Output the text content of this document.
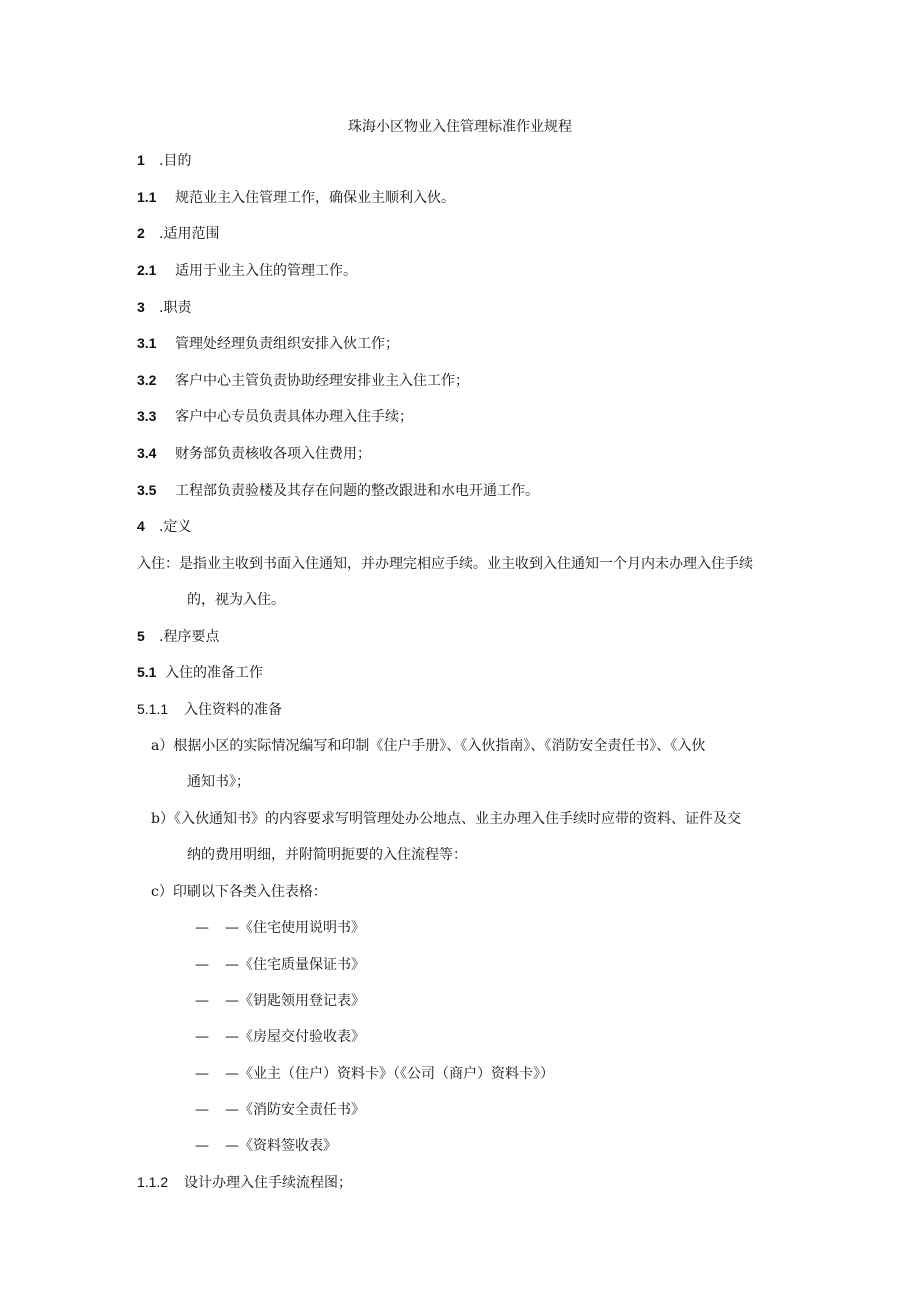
珠海小区物业入住管理标准作业规程
1 .目的
1.1 规范业主入住管理工作，确保业主顺利入伙。
2 .适用范围
2.1 适用于业主入住的管理工作。
3 .职责
3.1 管理处经理负责组织安排入伙工作；
3.2 客户中心主管负责协助经理安排业主入住工作；
3.3 客户中心专员负责具体办理入住手续；
3.4 财务部负责核收各项入住费用；
3.5 工程部负责验楼及其存在问题的整改跟进和水电开通工作。
4 .定义
入住：是指业主收到书面入住通知，并办理完相应手续。业主收到入住通知一个月内未办理入住手续
的，视为入住。
5 .程序要点
5.1 入住的准备工作
5.1.1 入住资料的准备
a）根据小区的实际情况编写和印制《住户手册》、《入伙指南》、《消防安全责任书》、《入伙
通知书》；
b）《入伙通知书》的内容要求写明管理处办公地点、业主办理入住手续时应带的资料、证件及交
纳的费用明细，并附简明扼要的入住流程等：
c）印刷以下各类入住表格：
— —《住宅使用说明书》
— —《住宅质量保证书》
— —《钥匙领用登记表》
— —《房屋交付验收表》
— —《业主（住户）资料卡》（《公司（商户）资料卡》）
— —《消防安全责任书》
— —《资料签收表》
1.1.2 设计办理入住手续流程图；
